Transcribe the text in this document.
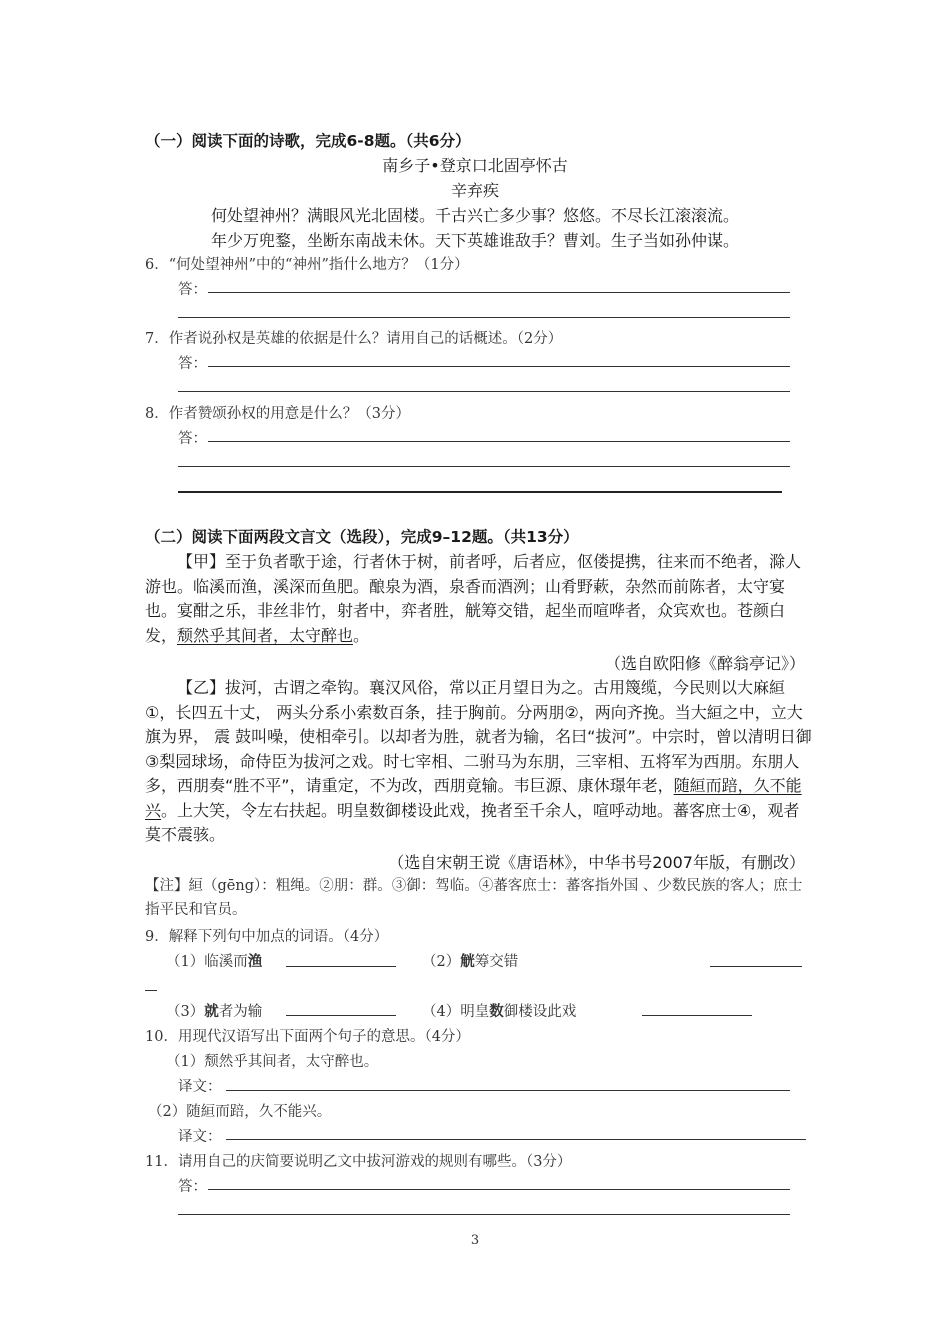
（一）阅读下面的诗歌，完成6-8题。（共6分）
南乡子•登京口北固亭怀古
辛弃疾
何处望神州？满眼风光北固楼。千古兴亡多少事？悠悠。不尽长江滚滚流。
年少万兜鍪，坐断东南战未休。天下英雄谁敌手？曹刘。生子当如孙仲谋。
6．“何处望神州”中的“神州”指什么地方？（1分）
答：
7．作者说孙权是英雄的依据是什么？请用自己的话概述。（2分）
答：
8．作者赞颂孙权的用意是什么？（3分）
答：
（二）阅读下面两段文言文（选段），完成9–12题。（共13分）

【甲】至于负者歌于途，行者休于树，前者呼，后者应，伛偻提携，往来而不绝者，滁人游也。临溪而渔，溪深而鱼肥。酿泉为酒，泉香而酒洌；山肴野蔌，杂然而前陈者，太守宴也。宴酣之乐，非丝非竹，射者中，弈者胜，觥筹交错，起坐而喧哗者，众宾欢也。苍颜白发，颓然乎其间者，太守醉也。

（选自欧阳修《醉翁亭记》）

【乙】拔河，古谓之牵钩。襄汉风俗，常以正月望日为之。古用篾缆，今民则以大麻絙①，长四五十丈， 两头分系小索数百条，挂于胸前。分两朋②，两向齐挽。当大絙之中，立大旗为界， 震 鼓叫噪，使相牵引。以却者为胜，就者为输，名曰“拔河”。中宗时，曾以清明日御③梨园球场，命侍臣为拔河之戏。时七宰相、二驸马为东朋，三宰相、五将军为西朋。东朋人多，西朋奏“胜不平”，请重定，不为改，西朋竟输。韦巨源、康休璟年老，随絙而踣，久不能兴。上大笑，令左右扶起。明皇数御楼设此戏，挽者至千余人，喧呼动地。蕃客庶士④，观者莫不震骇。

（选自宋朝王谠《唐语林》，中华书号2007年版，有删改）
【注】絙（gēng）：粗绳。②朋：群。③御：驾临。④蕃客庶士：蕃客指外国 、少数民族的客人；庶士指平民和官员。
9．解释下列句中加点的词语。（4分）
（1）临溪而渔	（2）觥筹交错
（3）就者为输	（4）明皇数御楼设此戏
10．用现代汉语写出下面两个句子的意思。（4分）
（1）颓然乎其间者，太守醉也。
译文：
（2）随絙而踣，久不能兴。
译文：
11．请用自己的庆简要说明乙文中拔河游戏的规则有哪些。（3分）
答：
3
